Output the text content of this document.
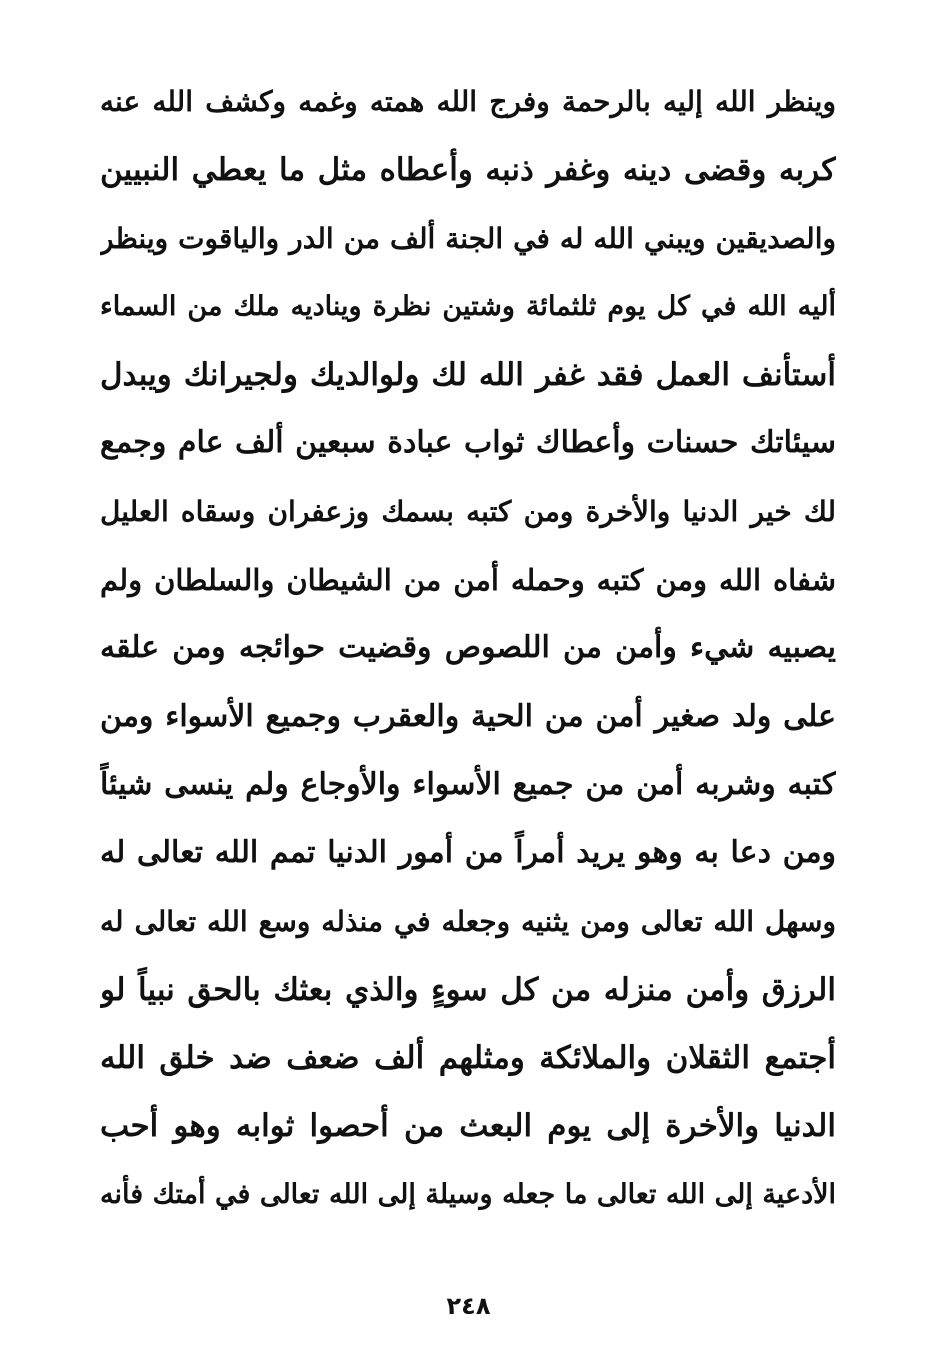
وينظر الله إليه بالرحمة وفرج الله همته وغمه وكشف الله عنه
كربه وقضى دينه وغفر ذنبه وأعطاه مثل ما يعطي النبيين
والصديقين ويبني الله له في الجنة ألف من الدر والياقوت وينظر
أليه الله في كل يوم ثلثمائة وشتين نظرة ويناديه ملك من السماء
أستأنف العمل فقد غفر الله لك ولوالديك ولجيرانك ويبدل
سيئاتك حسنات وأعطاك ثواب عبادة سبعين ألف عام وجمع
لك خير الدنيا والأخرة ومن كتبه بسمك وزعفران وسقاه العليل
شفاه الله ومن كتبه وحمله أمن من الشيطان والسلطان ولم
يصبيه شيء وأمن من اللصوص وقضيت حوائجه ومن علقه
على ولد صغير أمن من الحية والعقرب وجميع الأسواء ومن
كتبه وشربه أمن من جميع الأسواء والأوجاع ولم ينسى شيئاً
ومن دعا به وهو يريد أمراً من أمور الدنيا تمم الله تعالى له
وسهل الله تعالى ومن يثنيه وجعله في منذله وسع الله تعالى له
الرزق وأمن منزله من كل سوءٍ والذي بعثك بالحق نبياً لو
أجتمع الثقلان والملائكة ومثلهم ألف ضعف ضد خلق الله
الدنيا والأخرة إلى يوم البعث من أحصوا ثوابه وهو أحب
الأدعية إلى الله تعالى ما جعله وسيلة إلى الله تعالى في أمتك فأنه
٢٤٨
